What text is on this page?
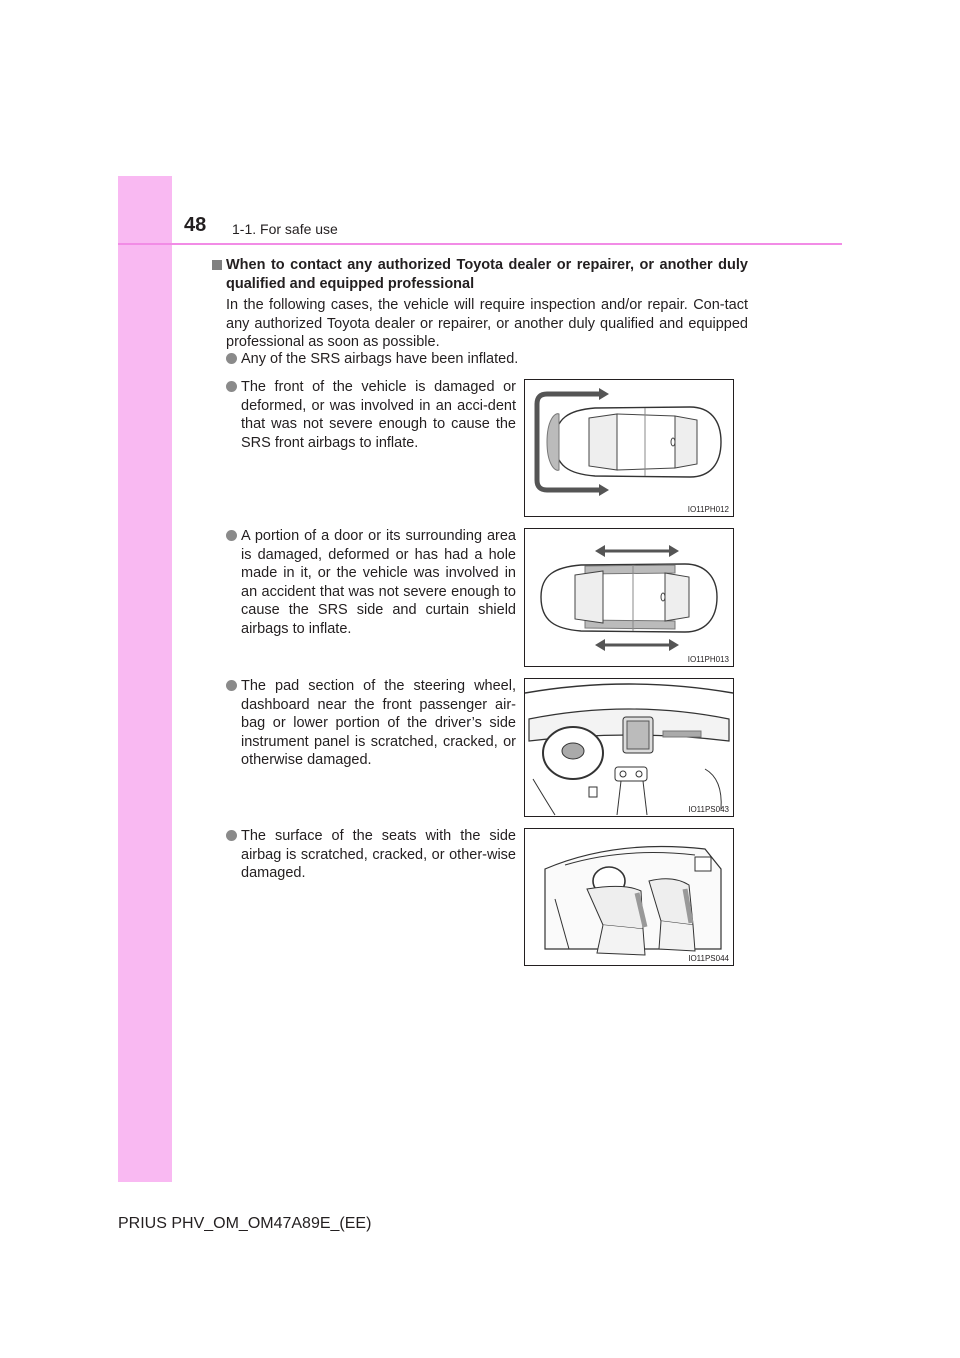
48 1-1. For safe use
When to contact any authorized Toyota dealer or repairer, or another duly qualified and equipped professional
In the following cases, the vehicle will require inspection and/or repair. Con-tact any authorized Toyota dealer or repairer, or another duly qualified and equipped professional as soon as possible.
Any of the SRS airbags have been inflated.
The front of the vehicle is damaged or deformed, or was involved in an acci-dent that was not severe enough to cause the SRS front airbags to inflate.
A portion of a door or its surrounding area is damaged, deformed or has had a hole made in it, or the vehicle was involved in an accident that was not severe enough to cause the SRS side and curtain shield airbags to inflate.
The pad section of the steering wheel, dashboard near the front passenger air-bag or lower portion of the driver’s side instrument panel is scratched, cracked, or otherwise damaged.
The surface of the seats with the side airbag is scratched, cracked, or other-wise damaged.
IO11PH012
IO11PH013
IO11PS043
IO11PS044
PRIUS PHV_OM_OM47A89E_(EE)
